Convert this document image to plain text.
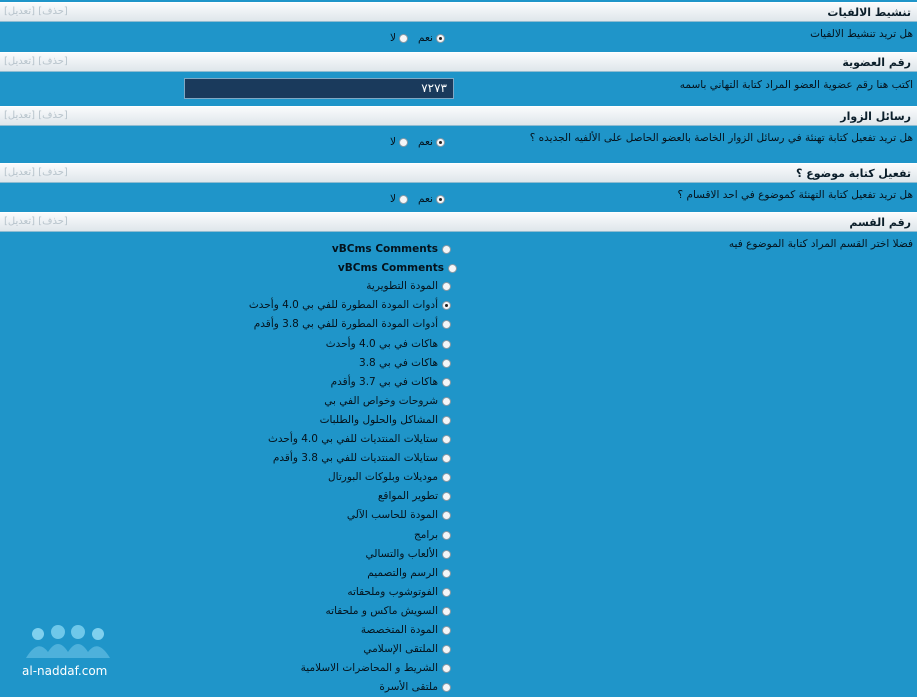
تنشيط الالفيات
[تعديل] [حذف]
هل تريد تنشيط الالفيات
لا نعم
رقم العضوية
[تعديل] [حذف]
اكتب هنا رقم عضوية العضو المراد كتابة التهاني باسمه
٧٢٧٣
رسائل الزوار
[تعديل] [حذف]
هل تريد تفعيل كتابة تهنئة في رسائل الزوار الخاصة بالعضو الحاصل على الألفيه الجديده ؟
لا نعم
تفعيل كتابة موضوع ؟
[تعديل] [حذف]
هل تريد تفعيل كتابة التهنئة كموضوع في احد الاقسام ؟
لا نعم
رقم القسم
[تعديل] [حذف]
فضلا اختر القسم المراد كتابة الموضوع فيه
vBCms Comments
vBCms Comments
المودة التطويرية
أدوات المودة المطورة للفي بي 4.0 وأحدث
أدوات المودة المطورة للفي بي 3.8 وأقدم
هاكات في بي 4.0 وأحدث
هاكات في بي 3.8
هاكات في بي 3.7 وأقدم
شروحات وخواص الفي بي
المشاكل والحلول والطلبات
ستايلات المنتديات للفي بي 4.0 وأحدث
ستايلات المنتديات للفي بي 3.8 وأقدم
موديلات وبلوكات البورتال
تطوير المواقع
المودة للحاسب الآلي
برامج
الألعاب والتسالي
الرسم والتصميم
الفوتوشوب وملحقاته
السويش ماكس و ملحقاته
المودة المتخصصة
الملتقى الإسلامي
الشريط و المحاضرات الاسلامية
ملتقى الأسرة
al-naddaf.com
